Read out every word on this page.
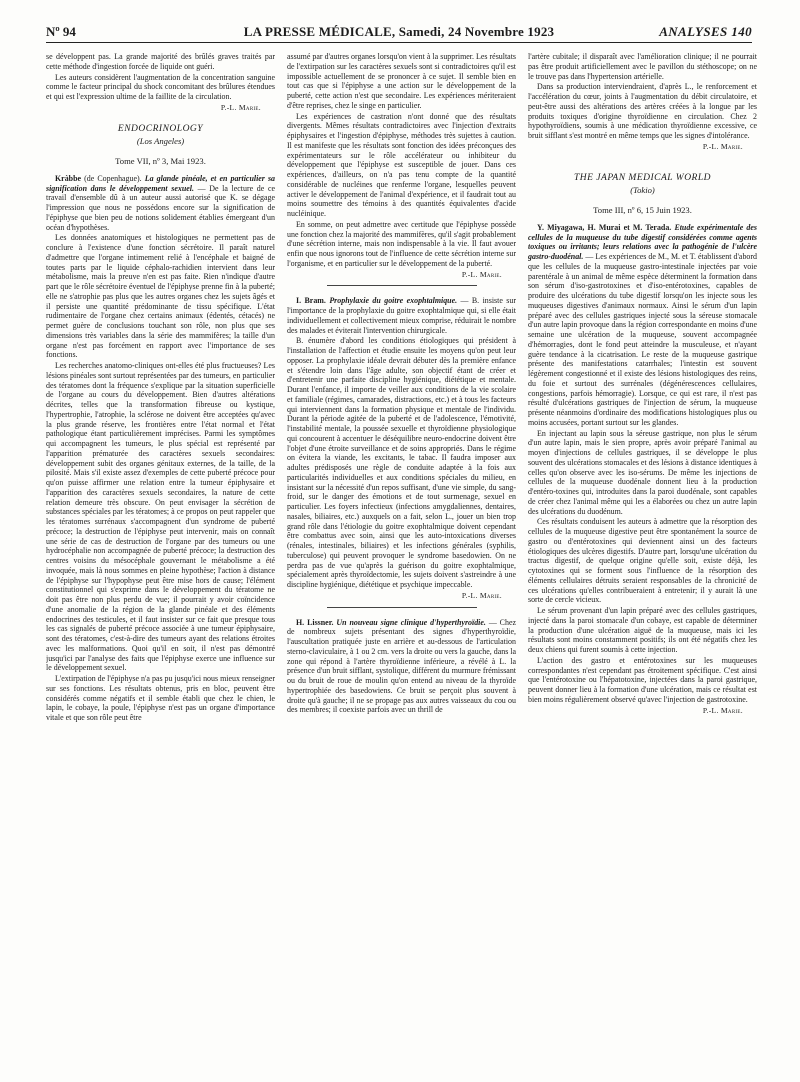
Nº 94	LA PRESSE MÉDICALE, Samedi, 24 Novembre 1923	ANALYSES 140

se développent pas. La grande majorité des brûlés graves traités par cette méthode d'ingestion forcée de liquide ont guéri.

Les auteurs considèrent l'augmentation de la concentration sanguine comme le facteur principal du shock concomitant des brûlures étendues et qui est l'expression ultime de la faillite de la circulation.

P.-L. Marie.
ENDOCRINOLOGY
(Los Angeles)
Tome VII, nº 3, Mai 1923.

Kràbbe (de Copenhague). La glande pinéale, et en particulier sa signification dans le développement sexuel. — De la lecture de ce travail d'ensemble dû à un auteur aussi autorisé que K. se dégage l'impression que nous ne possédons encore sur la signification de l'épiphyse que bien peu de notions solidement établies émergeant d'un océan d'hypothèses.

Les données anatomiques et histologiques ne permettent pas de conclure à l'existence d'une fonction sécrétoire. Il paraît naturel d'admettre que l'organe intimement relié à l'encéphale et baigné de toutes parts par le liquide céphalo-rachidien intervient dans leur métabolisme, mais la preuve n'en est pas faite. Rien n'indique d'autre part que le rôle sécrétoire éventuel de l'épiphyse prenne fin à la puberté; elle ne s'atrophie pas plus que les autres organes chez les sujets âgés et il persiste une quantité prédominante de tissu spécifique. L'état rudimentaire de l'organe chez certains animaux (édentés, cétacés) ne permet guère de conclusions touchant son rôle, non plus que ses dimensions très variables dans la série des mammifères; la taille d'un organe n'est pas forcément en rapport avec l'importance de ses fonctions.

Les recherches anatomo-cliniques ont-elles été plus fructueuses? Les lésions pinéales sont surtout représentées par des tumeurs, en particulier des tératomes dont la fréquence s'explique par la situation superficielle de l'organe au cours du développement. Bien d'autres altérations décrites, telles que la transformation fibreuse ou kystique, l'hypertrophie, l'atrophie, la sclérose ne doivent être acceptées qu'avec la plus grande réserve, les frontières entre l'état normal et l'état pathologique étant particulièrement imprécises. Parmi les symptômes qui accompagnent les tumeurs, le plus spécial est représenté par l'apparition prématurée des caractères sexuels secondaires: développement subit des organes génitaux externes, de la taille, de la pilosité. Mais s'il existe assez d'exemples de cette puberté précoce pour qu'on puisse affirmer une relation entre la tumeur épiphysaire et l'apparition des caractères sexuels secondaires, la nature de cette relation demeure très obscure. On peut envisager la sécrétion de substances spéciales par les tératomes; à ce propos on peut rappeler que les tératomes surrénaux s'accompagnent d'un syndrome de puberté précoce; la destruction de l'épiphyse peut intervenir, mais on connaît une série de cas de destruction de l'organe par des tumeurs ou une hydrocéphalie non accompagnée de puberté précoce; la destruction des centres voisins du mésocéphale gouvernant le métabolisme a été invoquée, mais là nous sommes en pleine hypothèse; l'action à distance de l'épiphyse sur l'hypophyse peut être mise hors de cause; l'élément constitutionnel qui s'exprime dans le développement du tératome ne doit pas être non plus perdu de vue; il pourrait y avoir coïncidence d'une anomalie de la région de la glande pinéale et des éléments endocrines des testicules, et il faut insister sur ce fait que presque tous les cas signalés de puberté précoce associée à une tumeur épiphysaire, sont des tératomes, c'est-à-dire des tumeurs ayant des relations étroites avec les malformations. Quoi qu'il en soit, il n'est pas démontré jusqu'ici par l'analyse des faits que l'épiphyse exerce une influence sur le développement sexuel.

L'extirpation de l'épiphyse n'a pas pu jusqu'ici nous mieux renseigner sur ses fonctions. Les résultats obtenus, pris en bloc, peuvent être considérés comme négatifs et il semble établi que chez le chien, le lapin, le cobaye, la poule, l'épiphyse n'est pas un organe d'importance vitale et que son rôle peut être

assumé par d'autres organes lorsqu'on vient à la supprimer. Les résultats de l'extirpation sur les caractères sexuels sont si contradictoires qu'il est impossible actuellement de se prononcer à ce sujet. Il semble bien en tout cas que si l'épiphyse a une action sur le développement de la puberté, cette action n'est que secondaire. Les expériences mériteraient d'être reprises, chez le singe en particulier.

Les expériences de castration n'ont donné que des résultats divergents. Mêmes résultats contradictoires avec l'injection d'extraits épiphysaires et l'ingestion d'épiphyse, méthodes très sujettes à caution. Il est manifeste que les résultats sont fonction des idées préconçues des expérimentateurs sur le rôle accélérateur ou inhibiteur du développement que l'épiphyse est susceptible de jouer. Dans ces expériences, d'ailleurs, on n'a pas tenu compte de la quantité considérable de nucléines que renferme l'organe, lesquelles peuvent activer le développement de l'animal d'expérience, et il faudrait tout au moins soumettre des témoins à des quantités équivalentes d'acide nucléinique.

En somme, on peut admettre avec certitude que l'épiphyse possède une fonction chez la majorité des mammifères, qu'il s'agit probablement d'une sécrétion interne, mais non indispensable à la vie. Il faut avouer enfin que nous ignorons tout de l'influence de cette sécrétion interne sur l'organisme, et en particulier sur le développement de la puberté.

P.-L. Marie.

I. Bram. Prophylaxie du goitre exophtalmique. — B. insiste sur l'importance de la prophylaxie du goitre exophtalmique qui, si elle était individuellement et collectivement mieux comprise, réduirait le nombre des malades et éviterait l'intervention chirurgicale.

B. énumère d'abord les conditions étiologiques qui président à l'installation de l'affection et étudie ensuite les moyens qu'on peut leur opposer. La prophylaxie idéale devrait débuter dès la première enfance et s'étendre loin dans l'âge adulte, son objectif étant de créer et d'entretenir une parfaite discipline hygiénique, diététique et mentale. Durant l'enfance, il importe de veiller aux conditions de la vie scolaire et familiale (régimes, camarades, distractions, etc.) et à tous les facteurs qui interviennent dans la formation physique et mentale de l'individu. Durant la période agitée de la puberté et de l'adolescence, l'émotivité, l'instabilité mentale, la poussée sexuelle et thyroïdienne physiologique qui concourent à accentuer le déséquilibre neuro-endocrine doivent être l'objet d'une étroite surveillance et de soins appropriés. Dans le régime on évitera la viande, les excitants, le tabac. Il faudra imposer aux adultes prédisposés une règle de conduite adaptée à la fois aux particularités individuelles et aux conditions spéciales du milieu, en insistant sur la nécessité d'un repos suffisant, d'une vie simple, du sang-froid, sur le danger des émotions et de tout surmenage, sexuel en particulier. Les foyers infectieux (infections amygdaliennes, dentaires, nasales, biliaires, etc.) auxquels on a fait, selon L., jouer un bien trop grand rôle dans l'étiologie du goitre exophtalmique doivent cependant être combattus avec soin, ainsi que les auto-intoxications diverses (rénales, intestinales, biliaires) et les infections générales (syphilis, tuberculose) qui peuvent provoquer le syndrome basedowien. On ne perdra pas de vue qu'après la guérison du goitre exophtalmique, spécialement après thyroïdectomie, les sujets doivent s'astreindre à une discipline hygiénique, diététique et psychique impeccable.

P.-L. Marie.

H. Lissner. Un nouveau signe clinique d'hyperthyroïdie. — Chez de nombreux sujets présentant des signes d'hyperthyroïdie, l'auscultation pratiquée juste en arrière et au-dessous de l'articulation sterno-claviculaire, à 1 ou 2 cm. vers la droite ou vers la gauche, dans la zone qui répond à l'artère thyroïdienne inférieure, a révélé à L. la présence d'un bruit sifflant, systolique, différent du murmure frémissant ou du bruit de roue de moulin qu'on entend au niveau de la thyroïde hypertrophiée des basedowiens. Ce bruit se perçoit plus souvent à droite qu'à gauche; il ne se propage pas aux autres vaisseaux du cou ou des membres; il coexiste parfois avec un thrill de

l'artère cubitale; il disparaît avec l'amélioration clinique; il ne pourrait pas être produit artificiellement avec le pavillon du stéthoscope; on ne le trouve pas dans l'hypertension artérielle.

Dans sa production interviendraient, d'après L., le renforcement et l'accélération du cœur, joints à l'augmentation du débit circulatoire, et peut-être aussi des altérations des artères créées à la longue par les produits toxiques d'origine thyroïdienne en circulation. Chez 2 hypothyroïdiens, soumis à une médication thyroïdienne excessive, ce bruit sifflant s'est montré en même temps que les signes d'intolérance.

P.-L. Marie.
THE JAPAN MEDICAL WORLD
(Tokio)
Tome III, nº 6, 15 Juin 1923.

Y. Miyagawa, H. Murai et M. Terada. Etude expérimentale des cellules de la muqueuse du tube digestif considérées comme agents toxiques ou irritants; leurs relations avec la pathogénie de l'ulcère gastro-duodénal. — Les expériences de M., M. et T. établissent d'abord que les cellules de la muqueuse gastro-intestinale injectées par voie parentérale à un animal de même espèce déterminent la formation dans son sérum d'iso-gastrotoxines et d'iso-entérotoxines, capables de produire des ulcérations du tube digestif lorsqu'on les injecte sous les muqueuses digestives d'animaux normaux. Ainsi le sérum d'un lapin préparé avec des cellules gastriques injecté sous la séreuse stomacale d'un autre lapin provoque dans la région correspondante en moins d'une semaine une ulcération de la muqueuse, souvent accompagnée d'hémorragies, dont le fond peut atteindre la musculeuse, et n'ayant guère tendance à la cicatrisation. Le reste de la muqueuse gastrique présente des manifestations catarrhales; l'intestin est souvent légèrement congestionné et il existe des lésions histologiques des reins, du foie et surtout des surrénales (dégénérescences cellulaires, congestions, parfois hémorragie). Lorsque, ce qui est rare, il n'est pas résulté d'ulcérations gastriques de l'injection de sérum, la muqueuse présente néanmoins d'ordinaire des modifications histologiques plus ou moins accusées, portant surtout sur les glandes.

En injectant au lapin sous la séreuse gastrique, non plus le sérum d'un autre lapin, mais le sien propre, après avoir préparé l'animal au moyen d'injections de cellules gastriques, il se développe le plus souvent des ulcérations stomacales et des lésions à distance identiques à celles qu'on observe avec les iso-sérums. De même les injections de cellules de la muqueuse duodénale donnent lieu à la production d'entéro-toxines qui, introduites dans la paroi duodénale, sont capables de créer chez l'animal même qui les a élaborées ou chez un autre lapin des ulcérations du duodénum.

Ces résultats conduisent les auteurs à admettre que la résorption des cellules de la muqueuse digestive peut être spontanément la source de gastro ou d'entérotoxines qui deviennent ainsi un des facteurs étiologiques des ulcères digestifs. D'autre part, lorsqu'une ulcération du tractus digestif, de quelque origine qu'elle soit, existe déjà, les cytotoxines qui se forment sous l'influence de la résorption des éléments cellulaires détruits seraient responsables de la chronicité de ces ulcérations qu'elles contribueraient à entretenir; il y aurait là une sorte de cercle vicieux.

Le sérum provenant d'un lapin préparé avec des cellules gastriques, injecté dans la paroi stomacale d'un cobaye, est capable de déterminer la production d'une ulcération aiguë de la muqueuse, mais ici les résultats sont moins constamment positifs; ils ont été négatifs chez les deux chiens qui furent soumis à cette injection.

L'action des gastro et entérotoxines sur les muqueuses correspondantes n'est cependant pas étroitement spécifique. C'est ainsi que l'entérotoxine ou l'hépatotoxine, injectées dans la paroi gastrique, peuvent donner lieu à la formation d'une ulcération, mais ce résultat est bien moins régulièrement observé qu'avec l'injection de gastrotoxine.

P.-L. Marie.
